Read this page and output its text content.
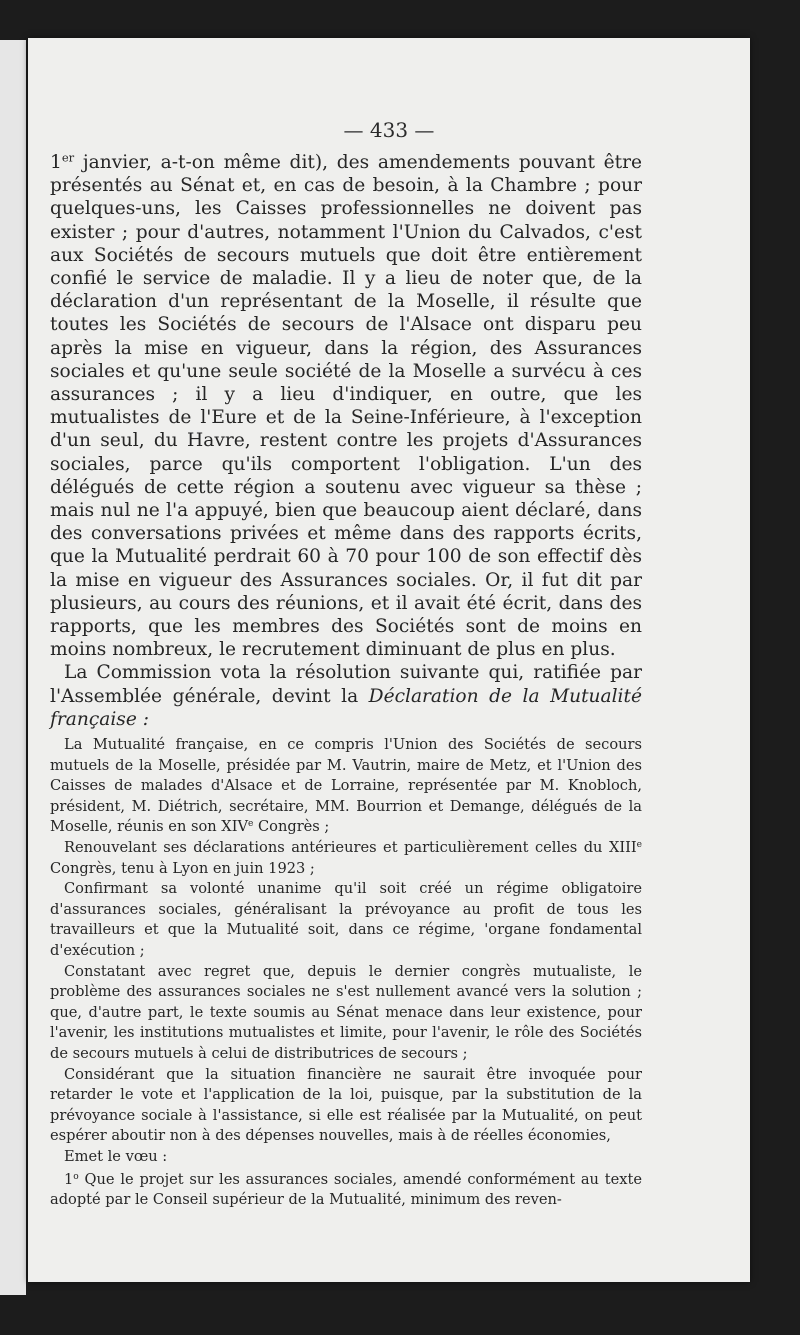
— 433 —

1er janvier, a-t-on même dit), des amendements pouvant être présentés au Sénat et, en cas de besoin, à la Chambre ; pour quelques-uns, les Caisses professionnelles ne doivent pas exister ; pour d'autres, notamment l'Union du Calvados, c'est aux Sociétés de secours mutuels que doit être entièrement confié le service de maladie. Il y a lieu de noter que, de la déclaration d'un représentant de la Moselle, il résulte que toutes les Sociétés de secours de l'Alsace ont disparu peu après la mise en vigueur, dans la région, des Assurances sociales et qu'une seule société de la Moselle a survécu à ces assurances ; il y a lieu d'indiquer, en outre, que les mutualistes de l'Eure et de la Seine-Inférieure, à l'exception d'un seul, du Havre, restent contre les projets d'Assurances sociales, parce qu'ils comportent l'obligation. L'un des délégués de cette région a soutenu avec vigueur sa thèse ; mais nul ne l'a appuyé, bien que beaucoup aient déclaré, dans des conversations privées et même dans des rapports écrits, que la Mutualité perdrait 60 à 70 pour 100 de son effectif dès la mise en vigueur des Assurances sociales. Or, il fut dit par plusieurs, au cours des réunions, et il avait été écrit, dans des rapports, que les membres des Sociétés sont de moins en moins nombreux, le recrutement diminuant de plus en plus.

La Commission vota la résolution suivante qui, ratifiée par l'Assemblée générale, devint la Déclaration de la Mutualité française :

La Mutualité française, en ce compris l'Union des Sociétés de secours mutuels de la Moselle, présidée par M. Vautrin, maire de Metz, et l'Union des Caisses de malades d'Alsace et de Lorraine, représentée par M. Knobloch, président, M. Diétrich, secrétaire, MM. Bourrion et Demange, délégués de la Moselle, réunis en son XIVe Congrès ;

Renouvelant ses déclarations antérieures et particulièrement celles du XIIIe Congrès, tenu à Lyon en juin 1923 ;

Confirmant sa volonté unanime qu'il soit créé un régime obligatoire d'assurances sociales, généralisant la prévoyance au profit de tous les travailleurs et que la Mutualité soit, dans ce régime, 'organe fondamental d'exécution ;

Constatant avec regret que, depuis le dernier congrès mutualiste, le problème des assurances sociales ne s'est nullement avancé vers la solution ; que, d'autre part, le texte soumis au Sénat menace dans leur existence, pour l'avenir, les institutions mutualistes et limite, pour l'avenir, le rôle des Sociétés de secours mutuels à celui de distributrices de secours ;

Considérant que la situation financière ne saurait être invoquée pour retarder le vote et l'application de la loi, puisque, par la substitution de la prévoyance sociale à l'assistance, si elle est réalisée par la Mutualité, on peut espérer aboutir non à des dépenses nouvelles, mais à de réelles économies,

Emet le vœu :

1$^o$ Que le projet sur les assurances sociales, amendé conformément au texte adopté par le Conseil supérieur de la Mutualité, minimum des reven-
